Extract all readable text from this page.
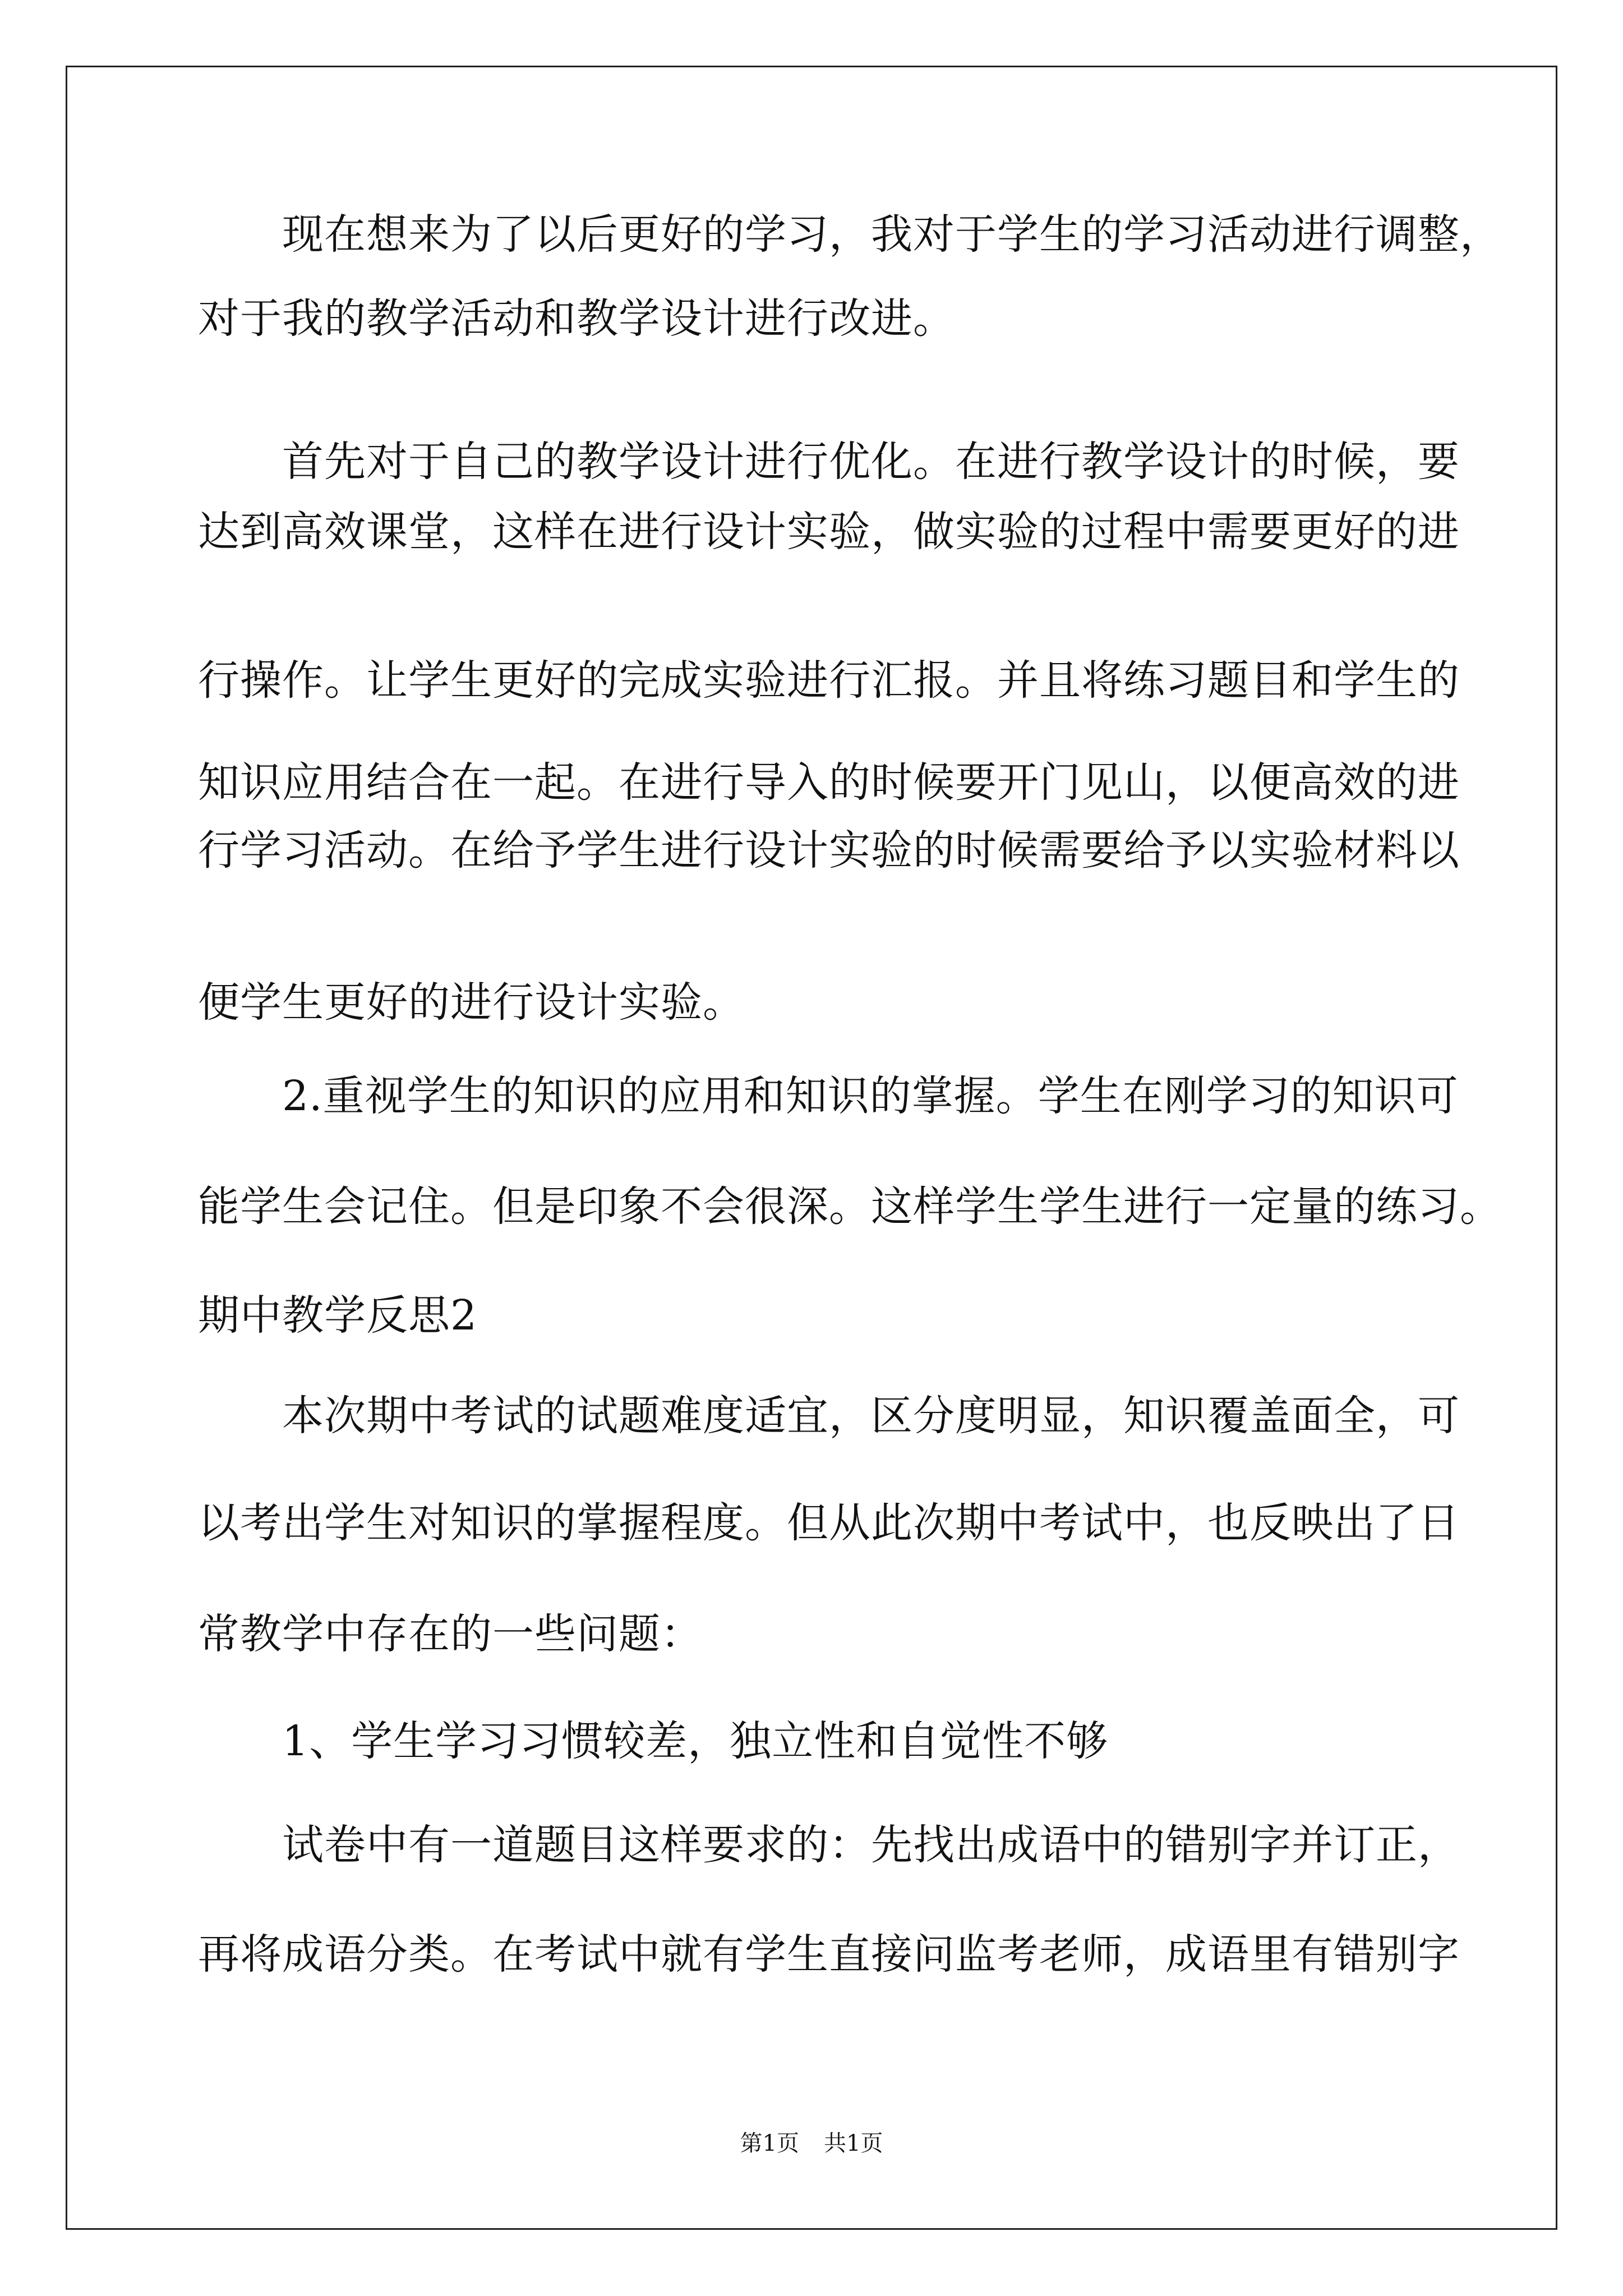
　　现在想来为了以后更好的学习，我对于学生的学习活动进行调整，
对于我的教学活动和教学设计进行改进。
　　首先对于自己的教学设计进行优化。在进行教学设计的时候，要
达到高效课堂，这样在进行设计实验，做实验的过程中需要更好的进
行操作。让学生更好的完成实验进行汇报。并且将练习题目和学生的
知识应用结合在一起。在进行导入的时候要开门见山，以便高效的进
行学习活动。在给予学生进行设计实验的时候需要给予以实验材料以
便学生更好的进行设计实验。
　　2.重视学生的知识的应用和知识的掌握。学生在刚学习的知识可
能学生会记住。但是印象不会很深。这样学生学生进行一定量的练习。
期中教学反思2
　　本次期中考试的试题难度适宜，区分度明显，知识覆盖面全，可
以考出学生对知识的掌握程度。但从此次期中考试中，也反映出了日
常教学中存在的一些问题：
　　1、学生学习习惯较差，独立性和自觉性不够
　　试卷中有一道题目这样要求的：先找出成语中的错别字并订正，
再将成语分类。在考试中就有学生直接问监考老师，成语里有错别字
第1页 共1页
